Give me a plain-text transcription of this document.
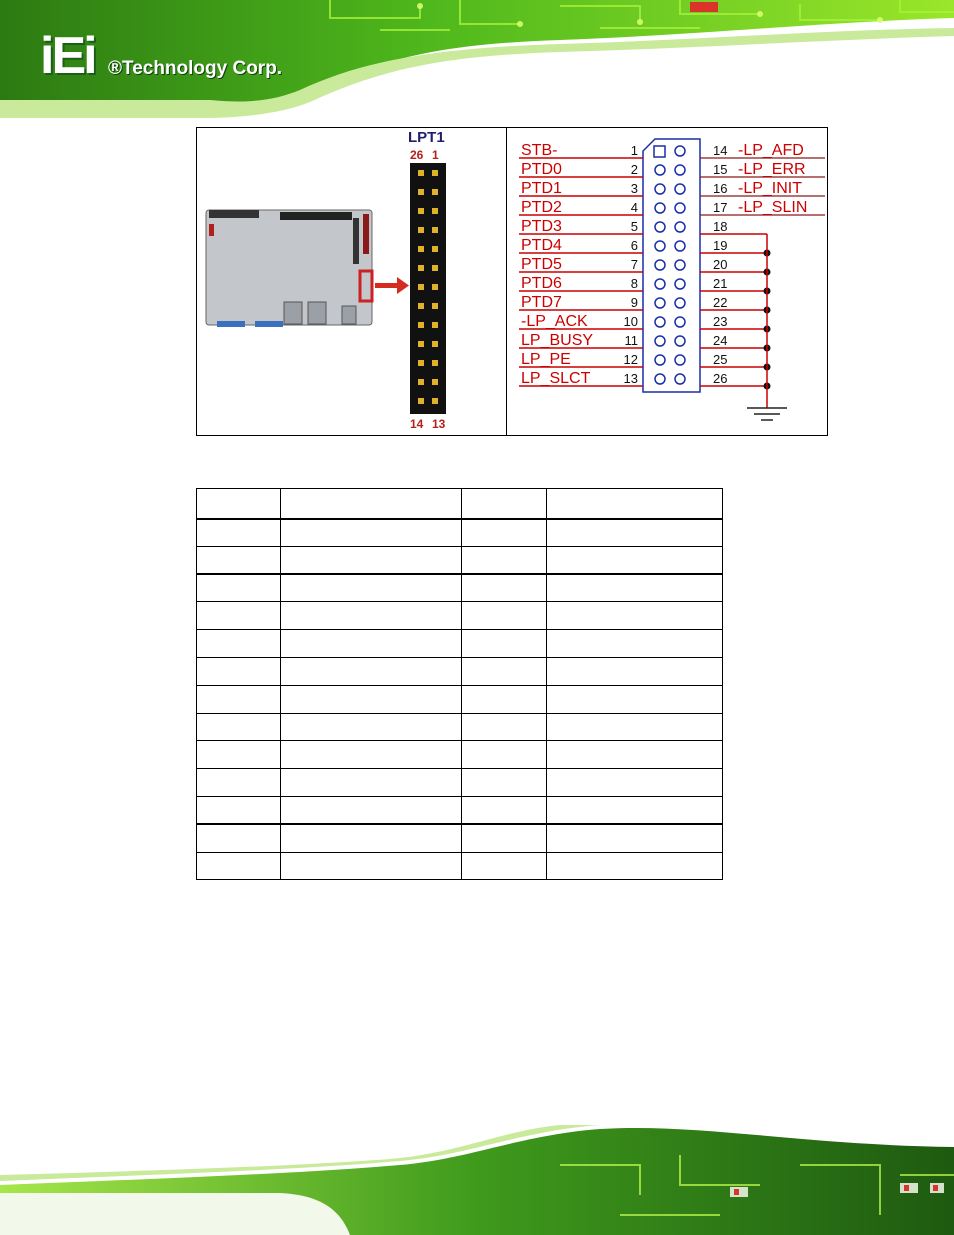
iEi ®Technology Corp.
LPT1
26 1
14 13
STB-	1	14 -LP_AFD
PTD0	2	15 -LP_ERR
PTD1	3	16 -LP_INIT
PTD2	4	17 -LP_SLIN
PTD3	5	18
PTD4	6	19
PTD5	7	20
PTD6	8	21
PTD7	9	22
-LP_ACK	10	23
LP_BUSY 11	24
LP_PE	12	25
LP_SLCT	13	26
